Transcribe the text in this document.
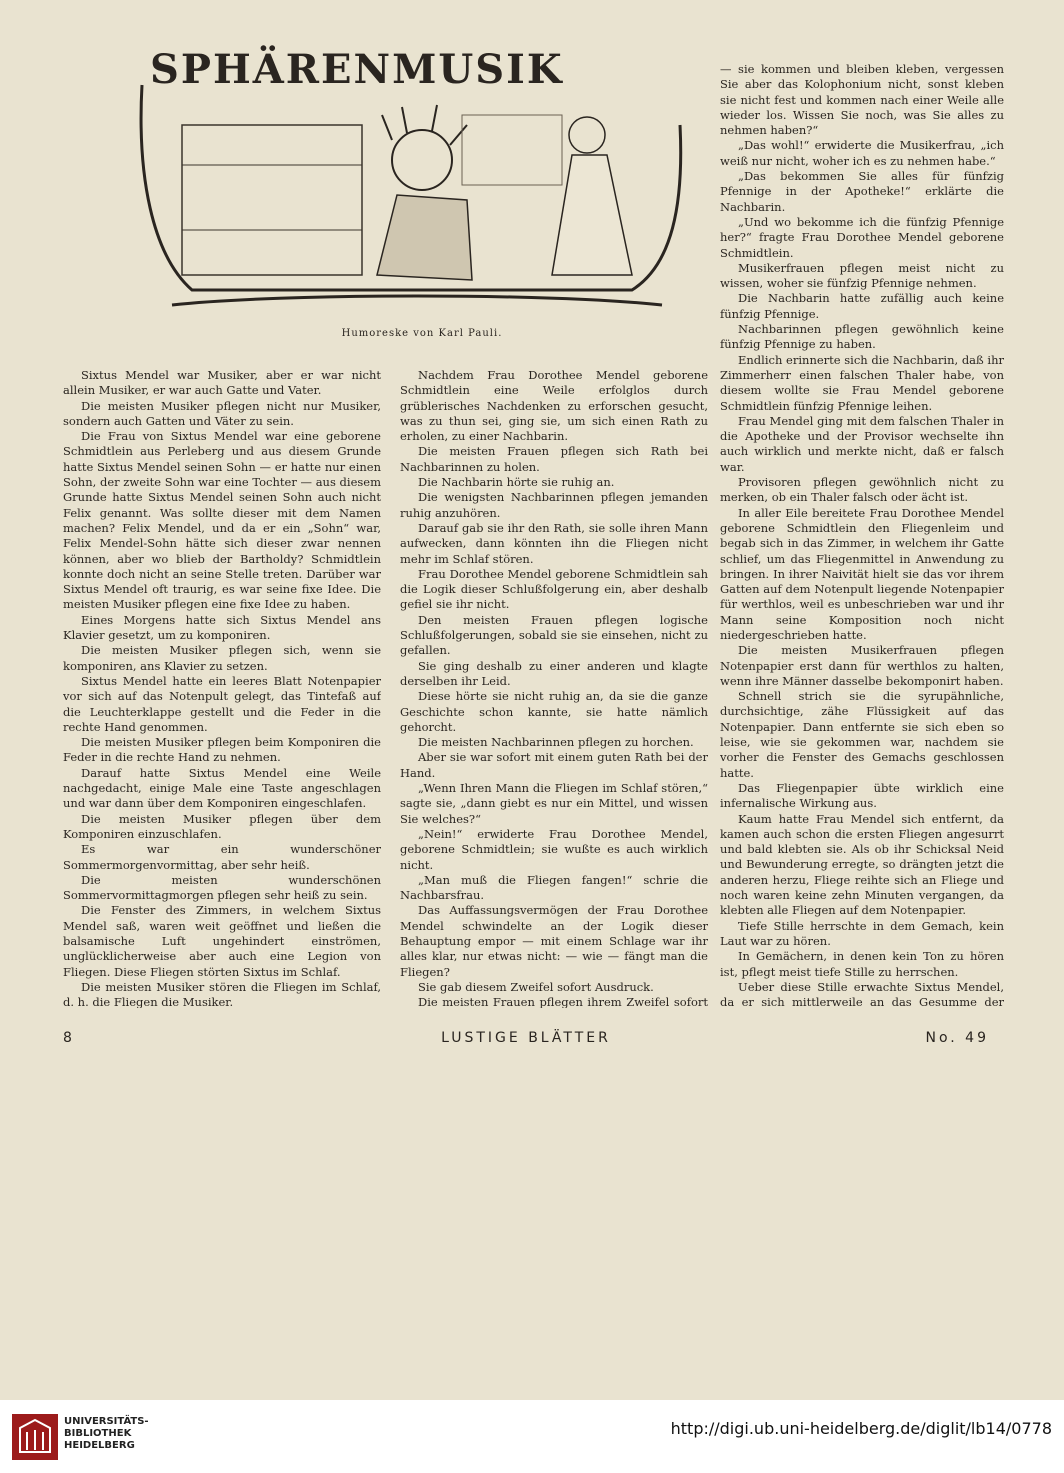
SPHÄRENMUSIK
Humoreske von Karl Pauli.

Sixtus Mendel war Musiker, aber er war nicht allein Musiker, er war auch Gatte und Vater.

Die meisten Musiker pflegen nicht nur Musiker, sondern auch Gatten und Väter zu sein.

Die Frau von Sixtus Mendel war eine geborene Schmidtlein aus Perleberg und aus diesem Grunde hatte Sixtus Mendel seinen Sohn — er hatte nur einen Sohn, der zweite Sohn war eine Tochter — aus diesem Grunde hatte Sixtus Mendel seinen Sohn auch nicht Felix genannt. Was sollte dieser mit dem Namen machen? Felix Mendel, und da er ein „Sohn“ war, Felix Mendel-Sohn hätte sich dieser zwar nennen können, aber wo blieb der Bartholdy? Schmidtlein konnte doch nicht an seine Stelle treten. Darüber war Sixtus Mendel oft traurig, es war seine fixe Idee. Die meisten Musiker pflegen eine fixe Idee zu haben.

Eines Morgens hatte sich Sixtus Mendel ans Klavier gesetzt, um zu komponiren.

Die meisten Musiker pflegen sich, wenn sie komponiren, ans Klavier zu setzen.

Sixtus Mendel hatte ein leeres Blatt Notenpapier vor sich auf das Notenpult gelegt, das Tintefaß auf die Leuchterklappe gestellt und die Feder in die rechte Hand genommen.

Die meisten Musiker pflegen beim Komponiren die Feder in die rechte Hand zu nehmen.

Darauf hatte Sixtus Mendel eine Weile nachgedacht, einige Male eine Taste angeschlagen und war dann über dem Komponiren eingeschlafen.

Die meisten Musiker pflegen über dem Komponiren einzuschlafen.

Es war ein wunderschöner Sommermorgenvormittag, aber sehr heiß.

Die meisten wunderschönen Sommervormittagmorgen pflegen sehr heiß zu sein.

Die Fenster des Zimmers, in welchem Sixtus Mendel saß, waren weit geöffnet und ließen die balsamische Luft ungehindert einströmen, unglücklicherweise aber auch eine Legion von Fliegen. Diese Fliegen störten Sixtus im Schlaf.

Die meisten Musiker stören die Fliegen im Schlaf, d. h. die Fliegen die Musiker.

Nachdem Frau Dorothee Mendel geborene Schmidtlein eine Weile erfolglos durch grüblerisches Nachdenken zu erforschen gesucht, was zu thun sei, ging sie, um sich einen Rath zu erholen, zu einer Nachbarin.

Die meisten Frauen pflegen sich Rath bei Nachbarinnen zu holen.

Die Nachbarin hörte sie ruhig an.

Die wenigsten Nachbarinnen pflegen jemanden ruhig anzuhören.

Darauf gab sie ihr den Rath, sie solle ihren Mann aufwecken, dann könnten ihn die Fliegen nicht mehr im Schlaf stören.

Frau Dorothee Mendel geborene Schmidtlein sah die Logik dieser Schlußfolgerung ein, aber deshalb gefiel sie ihr nicht.

Den meisten Frauen pflegen logische Schlußfolgerungen, sobald sie sie einsehen, nicht zu gefallen.

Sie ging deshalb zu einer anderen und klagte derselben ihr Leid.

Diese hörte sie nicht ruhig an, da sie die ganze Geschichte schon kannte, sie hatte nämlich gehorcht.

Die meisten Nachbarinnen pflegen zu horchen.

Aber sie war sofort mit einem guten Rath bei der Hand.

„Wenn Ihren Mann die Fliegen im Schlaf stören,“ sagte sie, „dann giebt es nur ein Mittel, und wissen Sie welches?“

„Nein!“ erwiderte Frau Dorothee Mendel, geborene Schmidtlein; sie wußte es auch wirklich nicht.

„Man muß die Fliegen fangen!“ schrie die Nachbarsfrau.

Das Auffassungsvermögen der Frau Dorothee Mendel schwindelte an der Logik dieser Behauptung empor — mit einem Schlage war ihr alles klar, nur etwas nicht: — wie — fängt man die Fliegen?

Sie gab diesem Zweifel sofort Ausdruck.

Die meisten Frauen pflegen ihrem Zweifel sofort

— sie kommen und bleiben kleben, vergessen Sie aber das Kolophonium nicht, sonst kleben sie nicht fest und kommen nach einer Weile alle wieder los. Wissen Sie noch, was Sie alles zu nehmen haben?“

„Das wohl!“ erwiderte die Musikerfrau, „ich weiß nur nicht, woher ich es zu nehmen habe.“

„Das bekommen Sie alles für fünfzig Pfennige in der Apotheke!“ erklärte die Nachbarin.

„Und wo bekomme ich die fünfzig Pfennige her?“ fragte Frau Dorothee Mendel geborene Schmidtlein.

Musikerfrauen pflegen meist nicht zu wissen, woher sie fünfzig Pfennige nehmen.

Die Nachbarin hatte zufällig auch keine fünfzig Pfennige.

Nachbarinnen pflegen gewöhnlich keine fünfzig Pfennige zu haben.

Endlich erinnerte sich die Nachbarin, daß ihr Zimmerherr einen falschen Thaler habe, von diesem wollte sie Frau Mendel geborene Schmidtlein fünfzig Pfennige leihen.

Frau Mendel ging mit dem falschen Thaler in die Apotheke und der Provisor wechselte ihn auch wirklich und merkte nicht, daß er falsch war.

Provisoren pflegen gewöhnlich nicht zu merken, ob ein Thaler falsch oder ächt ist.

In aller Eile bereitete Frau Dorothee Mendel geborene Schmidtlein den Fliegenleim und begab sich in das Zimmer, in welchem ihr Gatte schlief, um das Fliegenmittel in Anwendung zu bringen. In ihrer Naivität hielt sie das vor ihrem Gatten auf dem Notenpult liegende Notenpapier für werthlos, weil es unbeschrieben war und ihr Mann seine Komposition noch nicht niedergeschrieben hatte.

Die meisten Musikerfrauen pflegen Notenpapier erst dann für werthlos zu halten, wenn ihre Männer dasselbe bekomponirt haben.

Schnell strich sie die syrupähnliche, durchsichtige, zähe Flüssigkeit auf das Notenpapier. Dann entfernte sie sich eben so leise, wie sie gekommen war, nachdem sie vorher die Fenster des Gemachs geschlossen hatte.

Das Fliegenpapier übte wirklich eine infernalische Wirkung aus.

Kaum hatte Frau Mendel sich entfernt, da kamen auch schon die ersten Fliegen angesurrt und bald klebten sie. Als ob ihr Schicksal Neid und Bewunderung erregte, so drängten jetzt die anderen herzu, Fliege reihte sich an Fliege und noch waren keine zehn Minuten vergangen, da klebten alle Fliegen auf dem Notenpapier.

Tiefe Stille herrschte in dem Gemach, kein Laut war zu hören.

In Gemächern, in denen kein Ton zu hören ist, pflegt meist tiefe Stille zu herrschen.

Ueber diese Stille erwachte Sixtus Mendel, da er sich mittlerweile an das Gesumme der

8	LUSTIGE BLÄTTER	No. 49
UNIVERSITÄTS-
BIBLIOTHEK
HEIDELBERG
http://digi.ub.uni-heidelberg.de/diglit/lb14/0778
